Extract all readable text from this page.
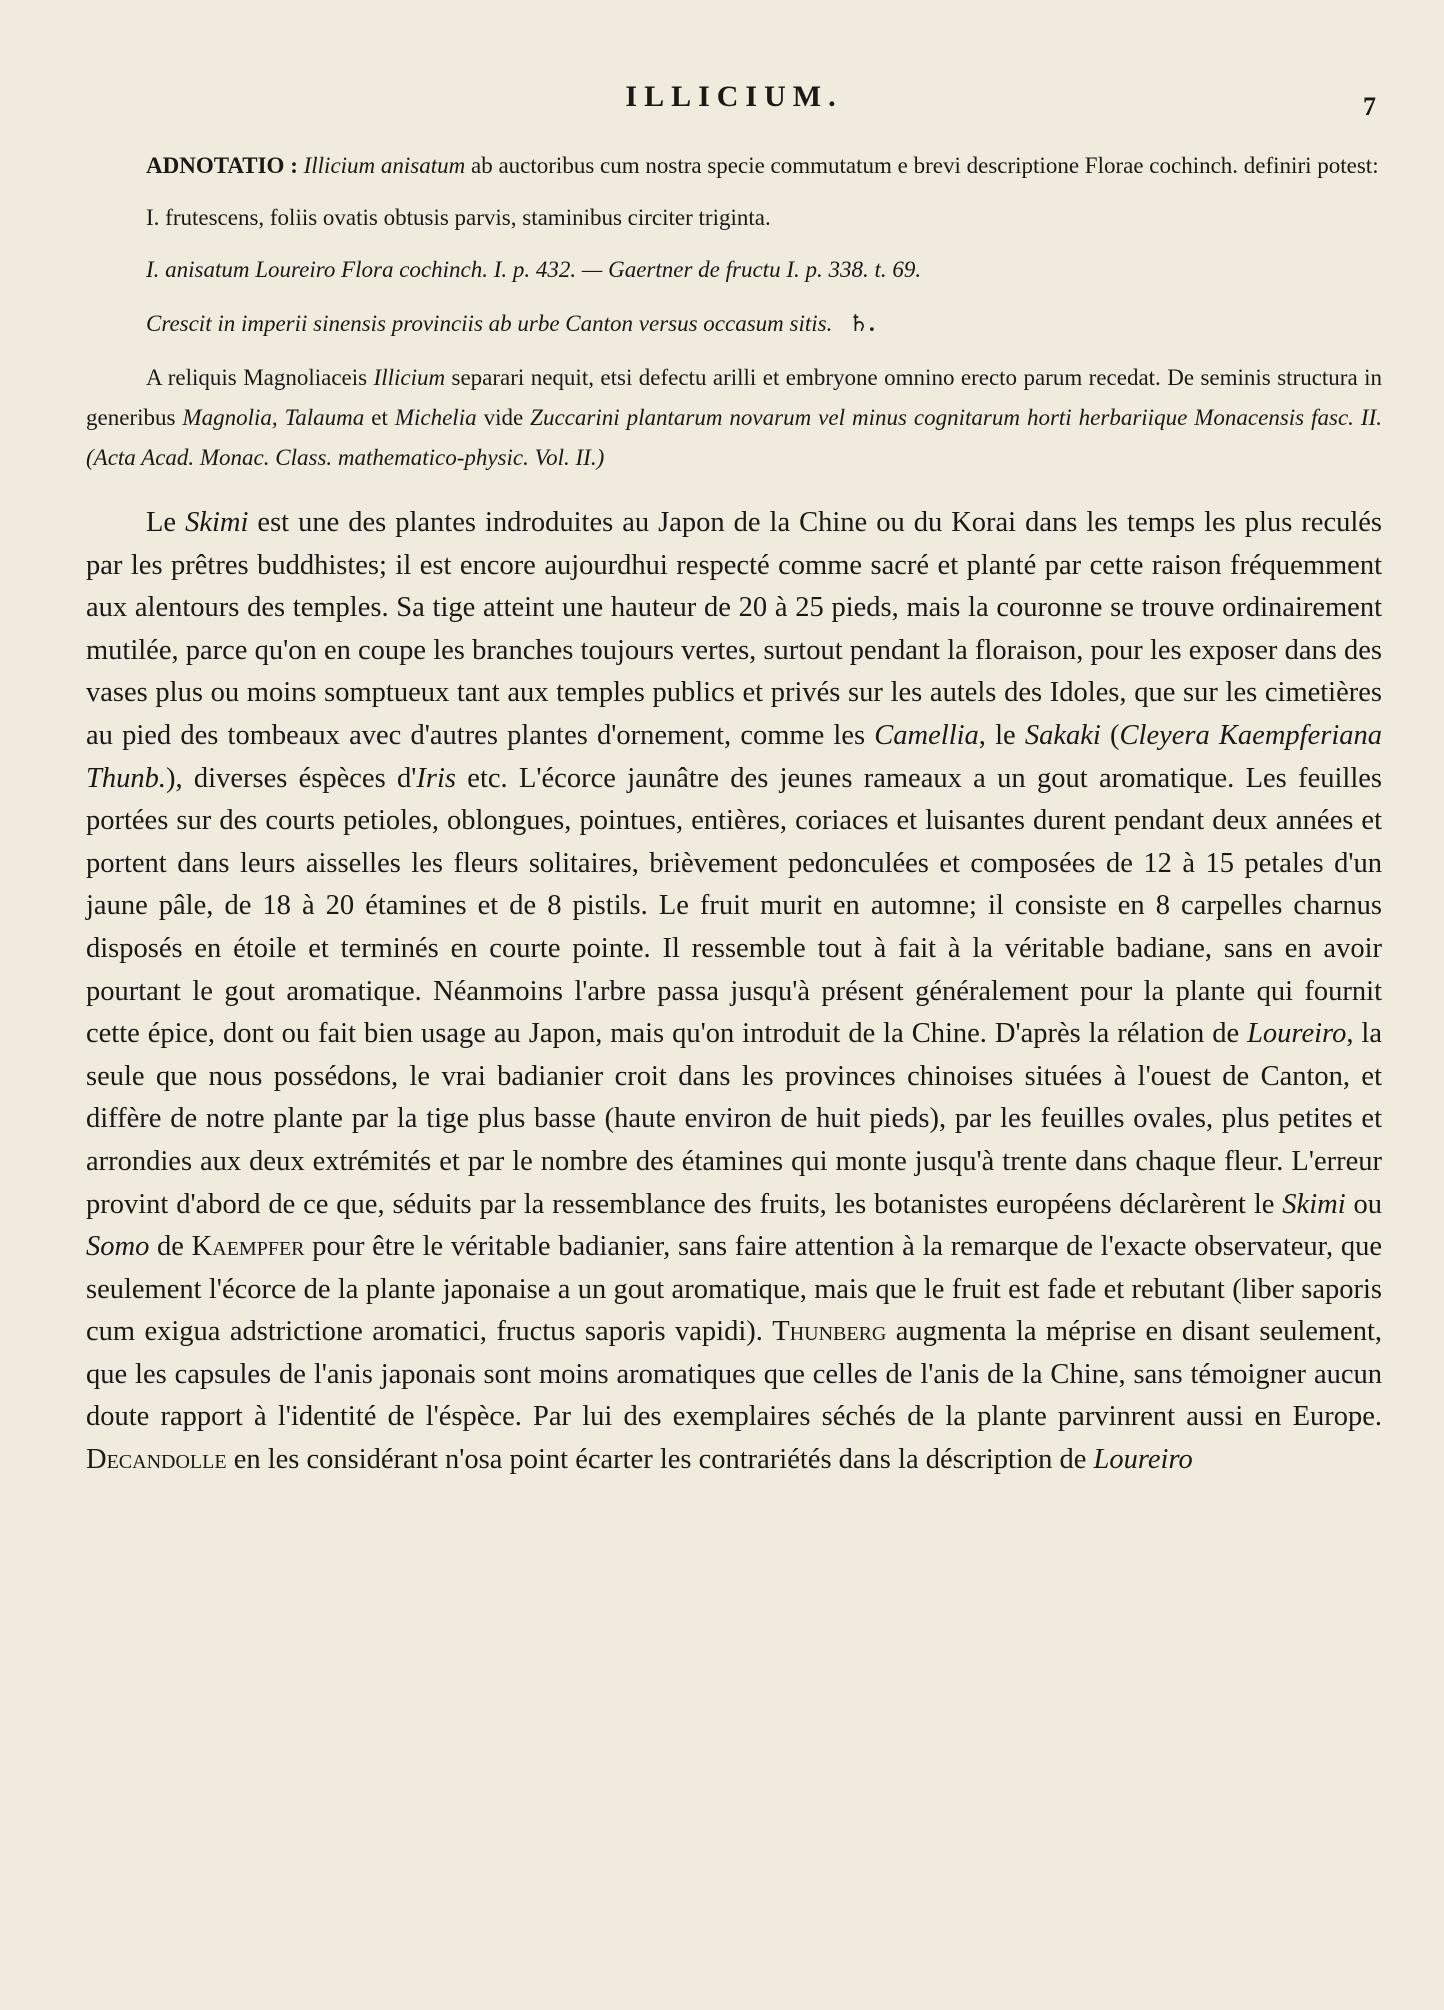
ILLICIUM.	7

ADNOTATIO : Illicium anisatum ab auctoribus cum nostra specie commutatum e brevi descriptione Florae cochinch. definiri potest:

I. frutescens, foliis ovatis obtusis parvis, staminibus circiter triginta.

I. anisatum Loureiro Flora cochinch. I. p. 432. — Gaertner de fructu I. p. 338. t. 69.

Crescit in imperii sinensis provinciis ab urbe Canton versus occasum sitis. ♄.

A reliquis Magnoliaceis Illicium separari nequit, etsi defectu arilli et embryone omnino erecto parum recedat. De seminis structura in generibus Magnolia, Talauma et Michelia vide Zuccarini plantarum novarum vel minus cognitarum horti herbariique Monacensis fasc. II. (Acta Acad. Monac. Class. mathematico-physic. Vol. II.)

Le Skimi est une des plantes indroduites au Japon de la Chine ou du Korai dans les temps les plus reculés par les prêtres buddhistes; il est encore aujourdhui respecté comme sacré et planté par cette raison fréquemment aux alentours des temples. Sa tige atteint une hauteur de 20 à 25 pieds, mais la couronne se trouve ordinairement mutilée, parce qu'on en coupe les branches toujours vertes, surtout pendant la floraison, pour les exposer dans des vases plus ou moins somptueux tant aux temples publics et privés sur les autels des Idoles, que sur les cimetières au pied des tombeaux avec d'autres plantes d'ornement, comme les Camellia, le Sakaki (Cleyera Kaempferiana Thunb.), diverses éspèces d'Iris etc. L'écorce jaunâtre des jeunes rameaux a un gout aromatique. Les feuilles portées sur des courts petioles, oblongues, pointues, entières, coriaces et luisantes durent pendant deux années et portent dans leurs aisselles les fleurs solitaires, brièvement pedonculées et composées de 12 à 15 petales d'un jaune pâle, de 18 à 20 étamines et de 8 pistils. Le fruit murit en automne; il consiste en 8 carpelles charnus disposés en étoile et terminés en courte pointe. Il ressemble tout à fait à la véritable badiane, sans en avoir pourtant le gout aromatique. Néanmoins l'arbre passa jusqu'à présent généralement pour la plante qui fournit cette épice, dont ou fait bien usage au Japon, mais qu'on introduit de la Chine. D'après la rélation de Loureiro, la seule que nous possédons, le vrai badianier croit dans les provinces chinoises situées à l'ouest de Canton, et diffère de notre plante par la tige plus basse (haute environ de huit pieds), par les feuilles ovales, plus petites et arrondies aux deux extrémités et par le nombre des étamines qui monte jusqu'à trente dans chaque fleur. L'erreur provint d'abord de ce que, séduits par la ressemblance des fruits, les botanistes européens déclarèrent le Skimi ou Somo de Kaempfer pour être le véritable badianier, sans faire attention à la remarque de l'exacte observateur, que seulement l'écorce de la plante japonaise a un gout aromatique, mais que le fruit est fade et rebutant (liber saporis cum exigua adstrictione aromatici, fructus saporis vapidi). Thunberg augmenta la méprise en disant seulement, que les capsules de l'anis japonais sont moins aromatiques que celles de l'anis de la Chine, sans témoigner aucun doute rapport à l'identité de l'éspèce. Par lui des exemplaires séchés de la plante parvinrent aussi en Europe. Decandolle en les considérant n'osa point écarter les contrariétés dans la déscription de Loureiro
